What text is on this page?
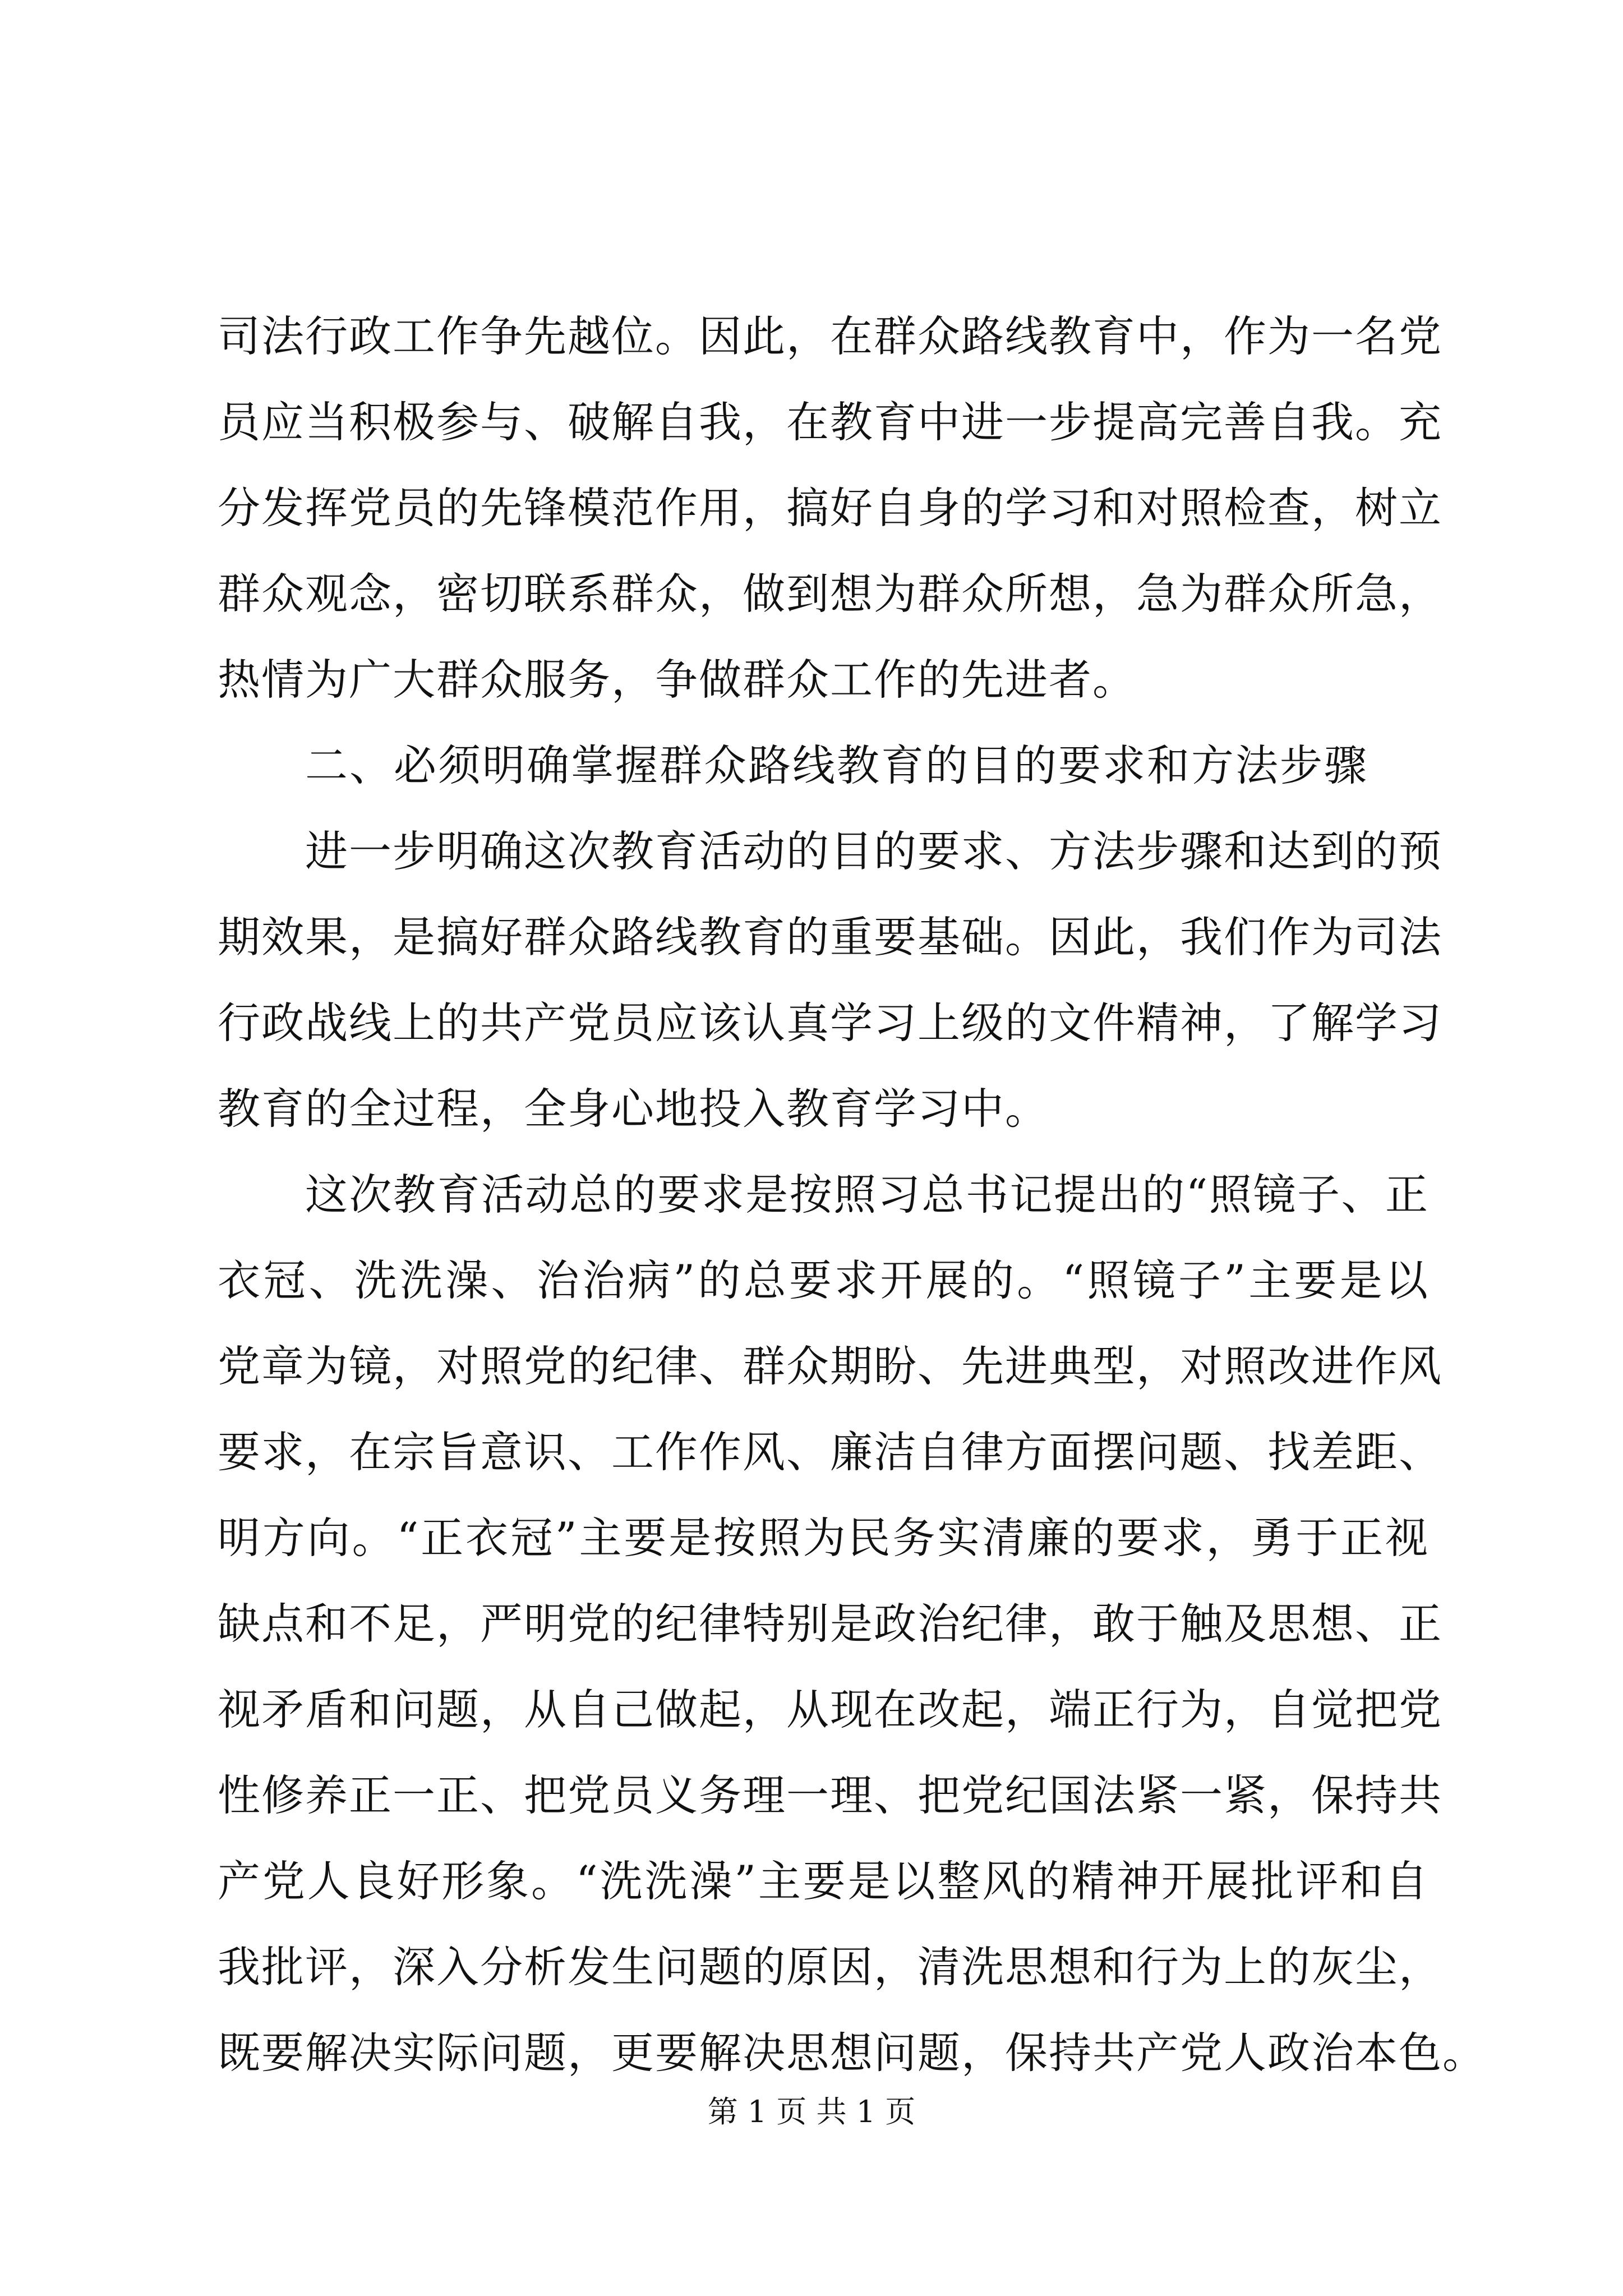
司法行政工作争先越位。因此，在群众路线教育中，作为一名党
员应当积极参与、破解自我，在教育中进一步提高完善自我。充
分发挥党员的先锋模范作用，搞好自身的学习和对照检查，树立
群众观念，密切联系群众，做到想为群众所想，急为群众所急，
热情为广大群众服务，争做群众工作的先进者。
二、必须明确掌握群众路线教育的目的要求和方法步骤
进一步明确这次教育活动的目的要求、方法步骤和达到的预
期效果，是搞好群众路线教育的重要基础。因此，我们作为司法
行政战线上的共产党员应该认真学习上级的文件精神，了解学习
教育的全过程，全身心地投入教育学习中。
这次教育活动总的要求是按照习总书记提出的“照镜子、正
衣冠、洗洗澡、治治病”的总要求开展的。“照镜子”主要是以
党章为镜，对照党的纪律、群众期盼、先进典型，对照改进作风
要求，在宗旨意识、工作作风、廉洁自律方面摆问题、找差距、
明方向。“正衣冠”主要是按照为民务实清廉的要求，勇于正视
缺点和不足，严明党的纪律特别是政治纪律，敢于触及思想、正
视矛盾和问题，从自己做起，从现在改起，端正行为，自觉把党
性修养正一正、把党员义务理一理、把党纪国法紧一紧，保持共
产党人良好形象。“洗洗澡”主要是以整风的精神开展批评和自
我批评，深入分析发生问题的原因，清洗思想和行为上的灰尘，
既要解决实际问题，更要解决思想问题，保持共产党人政治本色。
第 1 页 共 1 页
